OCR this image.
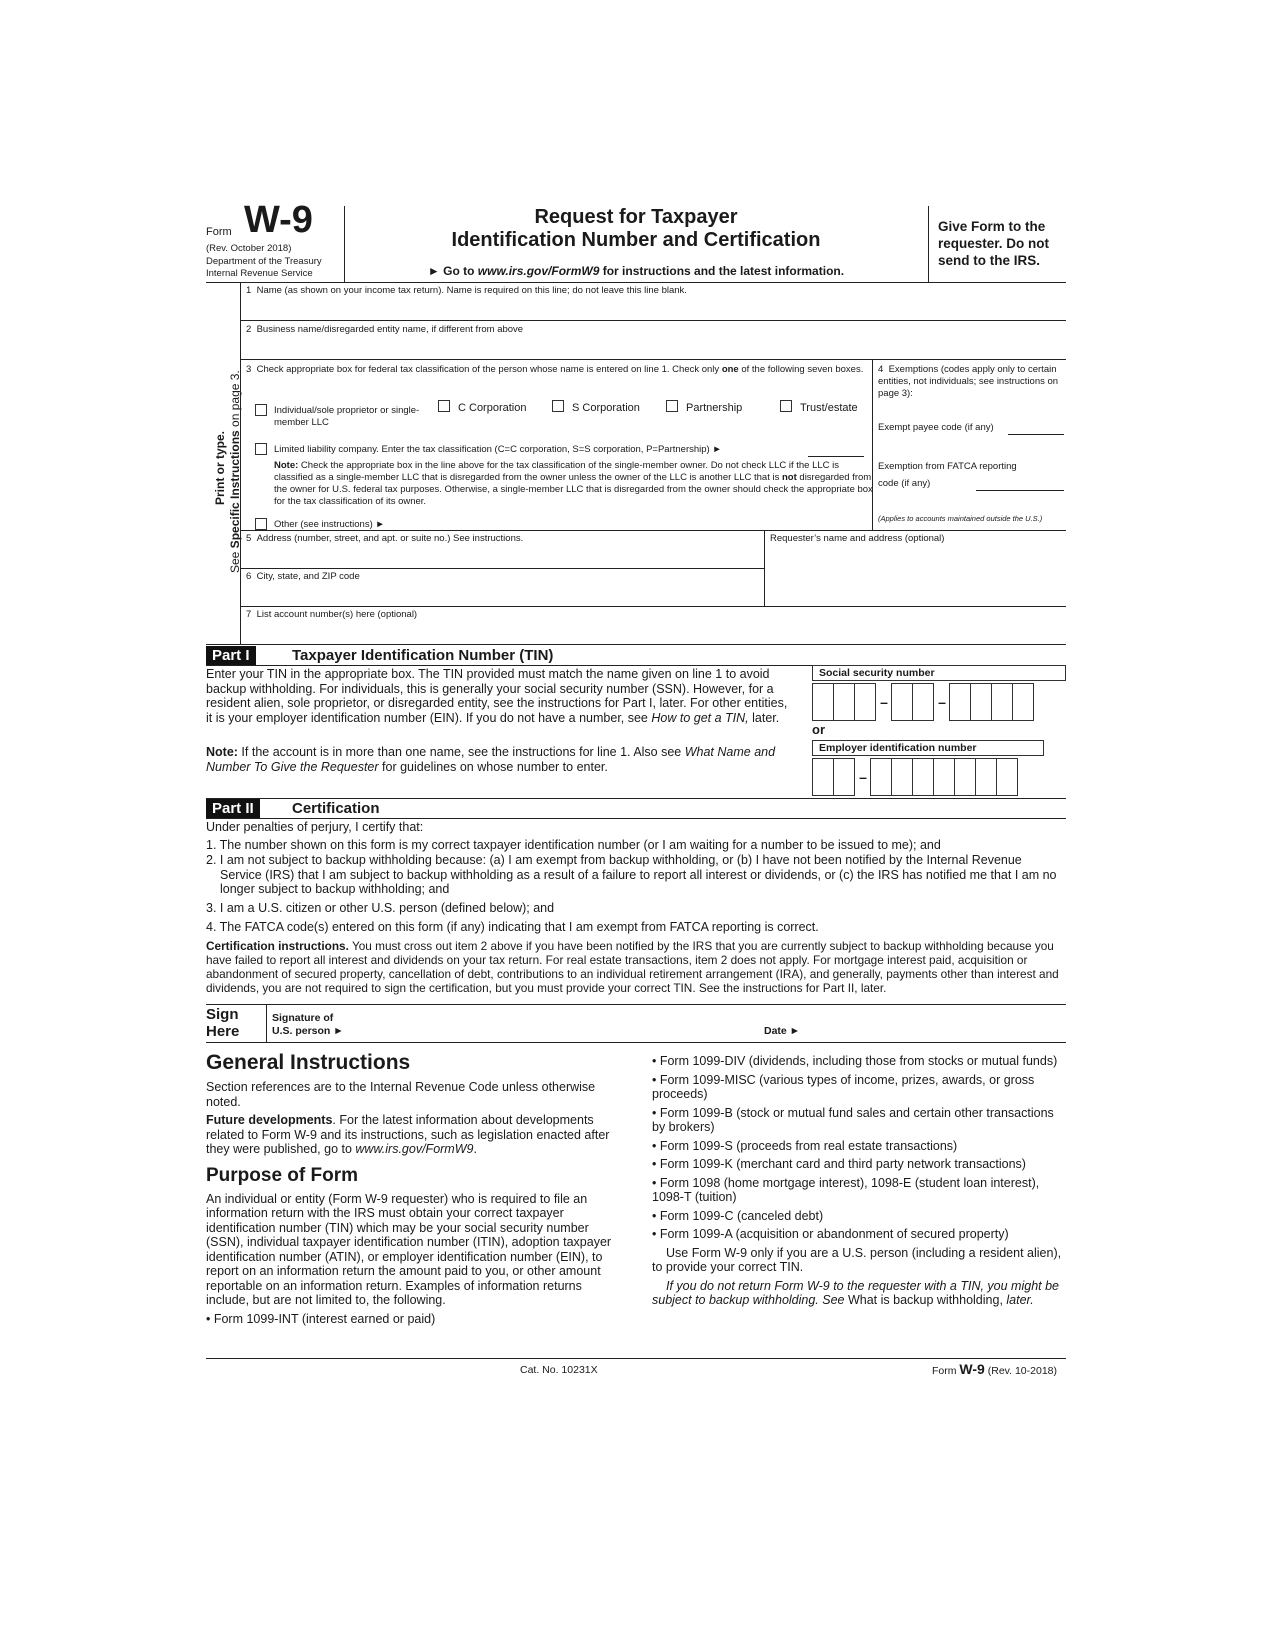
Form W-9
(Rev. October 2018)
Department of the Treasury
Internal Revenue Service
Request for Taxpayer
Identification Number and Certification
► Go to www.irs.gov/FormW9 for instructions and the latest information.
Give Form to the requester. Do not send to the IRS.
Print or type.
See Specific Instructions on page 3.
1 Name (as shown on your income tax return). Name is required on this line; do not leave this line blank.
2 Business name/disregarded entity name, if different from above
3 Check appropriate box for federal tax classification of the person whose name is entered on line 1. Check only one of the following seven boxes.
Individual/sole proprietor or single-member LLC
C Corporation	S Corporation	Partnership	Trust/estate
Limited liability company. Enter the tax classification (C=C corporation, S=S corporation, P=Partnership) ►
Note: Check the appropriate box in the line above for the tax classification of the single-member owner. Do not check LLC if the LLC is classified as a single-member LLC that is disregarded from the owner unless the owner of the LLC is another LLC that is not disregarded from the owner for U.S. federal tax purposes. Otherwise, a single-member LLC that is disregarded from the owner should check the appropriate box for the tax classification of its owner.
Other (see instructions) ►
4 Exemptions (codes apply only to certain entities, not individuals; see instructions on page 3):
Exempt payee code (if any)
Exemption from FATCA reporting
code (if any)
(Applies to accounts maintained outside the U.S.)
5 Address (number, street, and apt. or suite no.) See instructions.	Requester’s name and address (optional)
6 City, state, and ZIP code
7 List account number(s) here (optional)
Part I	Taxpayer Identification Number (TIN)
Enter your TIN in the appropriate box. The TIN provided must match the name given on line 1 to avoid backup withholding. For individuals, this is generally your social security number (SSN). However, for a resident alien, sole proprietor, or disregarded entity, see the instructions for Part I, later. For other entities, it is your employer identification number (EIN). If you do not have a number, see How to get a TIN, later.
Note: If the account is in more than one name, see the instructions for line 1. Also see What Name and Number To Give the Requester for guidelines on whose number to enter.
Social security number
–	–
or
Employer identification number
–
Part II	Certification
Under penalties of perjury, I certify that:
1. The number shown on this form is my correct taxpayer identification number (or I am waiting for a number to be issued to me); and
2. I am not subject to backup withholding because: (a) I am exempt from backup withholding, or (b) I have not been notified by the Internal Revenue
Service (IRS) that I am subject to backup withholding as a result of a failure to report all interest or dividends, or (c) the IRS has notified me that I am no longer subject to backup withholding; and
3. I am a U.S. citizen or other U.S. person (defined below); and
4. The FATCA code(s) entered on this form (if any) indicating that I am exempt from FATCA reporting is correct.
Certification instructions. You must cross out item 2 above if you have been notified by the IRS that you are currently subject to backup withholding because you have failed to report all interest and dividends on your tax return. For real estate transactions, item 2 does not apply. For mortgage interest paid, acquisition or abandonment of secured property, cancellation of debt, contributions to an individual retirement arrangement (IRA), and generally, payments other than interest and dividends, you are not required to sign the certification, but you must provide your correct TIN. See the instructions for Part II, later.
Sign
Here
Signature of
U.S. person ►	Date ►
General Instructions

Section references are to the Internal Revenue Code unless otherwise noted.

Future developments. For the latest information about developments related to Form W-9 and its instructions, such as legislation enacted after they were published, go to www.irs.gov/FormW9.

Purpose of Form

An individual or entity (Form W-9 requester) who is required to file an information return with the IRS must obtain your correct taxpayer identification number (TIN) which may be your social security number (SSN), individual taxpayer identification number (ITIN), adoption taxpayer identification number (ATIN), or employer identification number (EIN), to report on an information return the amount paid to you, or other amount reportable on an information return. Examples of information returns include, but are not limited to, the following.

• Form 1099-INT (interest earned or paid)

• Form 1099-DIV (dividends, including those from stocks or mutual funds)

• Form 1099-MISC (various types of income, prizes, awards, or gross proceeds)

• Form 1099-B (stock or mutual fund sales and certain other transactions by brokers)

• Form 1099-S (proceeds from real estate transactions)

• Form 1099-K (merchant card and third party network transactions)

• Form 1098 (home mortgage interest), 1098-E (student loan interest), 1098-T (tuition)

• Form 1099-C (canceled debt)

• Form 1099-A (acquisition or abandonment of secured property)

Use Form W-9 only if you are a U.S. person (including a resident alien), to provide your correct TIN.

If you do not return Form W-9 to the requester with a TIN, you might be subject to backup withholding. See What is backup withholding, later.

Cat. No. 10231X	Form W-9 (Rev. 10-2018)
